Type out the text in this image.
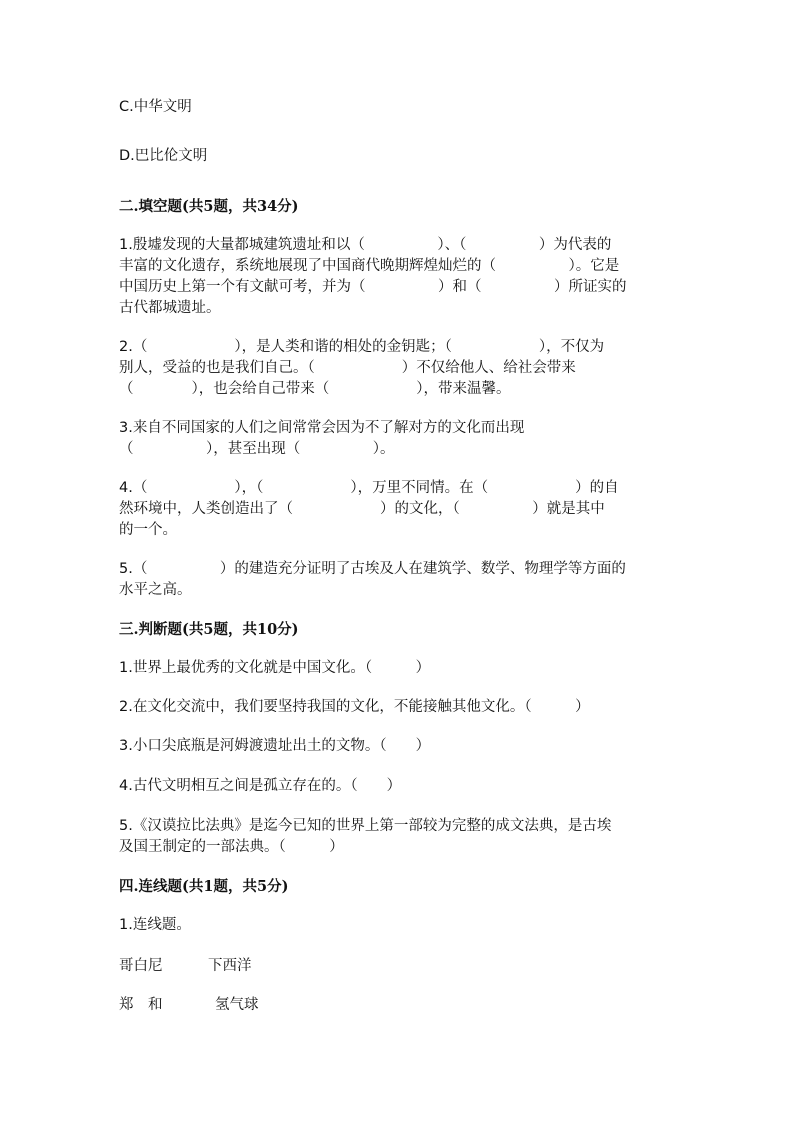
C.中华文明
D.巴比伦文明
二.填空题(共5题，共34分)
1.殷墟发现的大量都城建筑遗址和以（　　　　　）、（　　　　　）为代表的
丰富的文化遗存，系统地展现了中国商代晚期辉煌灿烂的（　　　　　）。它是
中国历史上第一个有文献可考，并为（　　　　　）和（　　　　　）所证实的
古代都城遗址。
2.（　　　　　　），是人类和谐的相处的金钥匙；（　　　　　　），不仅为
别人，受益的也是我们自己。（　　　　　　）不仅给他人、给社会带来
（　　　　），也会给自己带来（　　　　　　），带来温馨。
3.来自不同国家的人们之间常常会因为不了解对方的文化而出现
（　　　　　），甚至出现（　　　　　）。
4.（　　　　　　），（　　　　　　），万里不同情。在（　　　　　　）的自
然环境中，人类创造出了（　　　　　　）的文化，（　　　　　）就是其中
的一个。
5.（　　　　　）的建造充分证明了古埃及人在建筑学、数学、物理学等方面的
水平之高。
三.判断题(共5题，共10分)
1.世界上最优秀的文化就是中国文化。（　　　）
2.在文化交流中，我们要坚持我国的文化，不能接触其他文化。（　　　）
3.小口尖底瓶是河姆渡遗址出土的文物。（　　）
4.古代文明相互之间是孤立存在的。（　　）
5.《汉谟拉比法典》是迄今已知的世界上第一部较为完整的成文法典，是古埃
及国王制定的一部法典。（　　　）
四.连线题(共1题，共5分)
1.连线题。
哥白尼	下西洋
郑　和	氢气球
